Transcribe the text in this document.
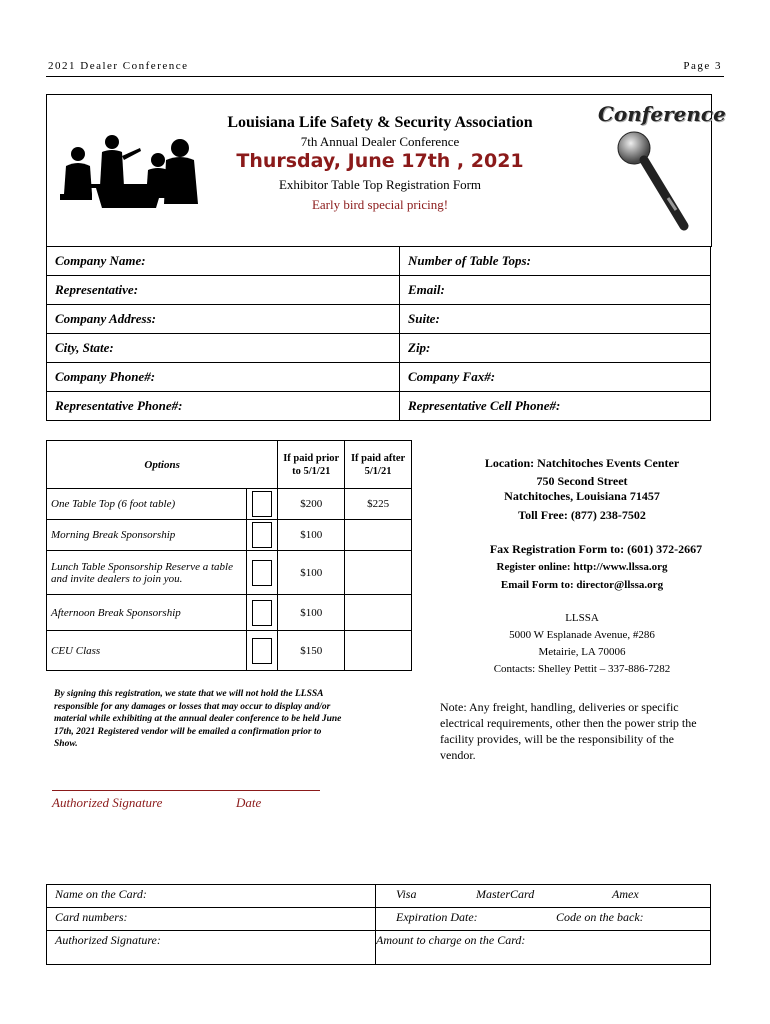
2021 Dealer Conference	Page 3
Louisiana Life Safety & Security Association
7th Annual Dealer Conference
Thursday, June 17th , 2021
Exhibitor Table Top Registration Form
Early bird special pricing!
Conference
Company Name:	Number of Table Tops:
Representative:	Email:
Company Address:	Suite:
City, State:	Zip:
Company Phone#:	Company Fax#:
Representative Phone#:	Representative Cell Phone#:
Options		If paid prior to 5/1/21	If paid after 5/1/21
One Table Top (6 foot table)		$200	$225
Morning Break Sponsorship		$100	
Lunch Table Sponsorship Reserve a table and invite dealers to join you.		$100	
Afternoon Break Sponsorship		$100	
CEU Class		$150	
Location: Natchitoches Events Center
750 Second Street
Natchitoches, Louisiana 71457
Toll Free: (877) 238-7502
Fax Registration Form to: (601) 372-2667
Register online: http://www.llssa.org
Email Form to: director@llssa.org
LLSSA
5000 W Esplanade Avenue, #286
Metairie, LA 70006
Contacts: Shelley Pettit – 337-886-7282
By signing this registration, we state that we will not hold the LLSSA responsible for any damages or losses that may occur to display and/or material while exhibiting at the annual dealer conference to be held June 17th, 2021 Registered vendor will be emailed a confirmation prior to Show.
Note: Any freight, handling, deliveries or specific electrical requirements, other then the power strip the facility provides, will be the responsibility of the vendor.
Authorized Signature	Date
Name on the Card:	Visa MasterCard Amex

Card numbers:	Expiration Date: Code on the back:

Authorized Signature:	Amount to charge on the Card:
